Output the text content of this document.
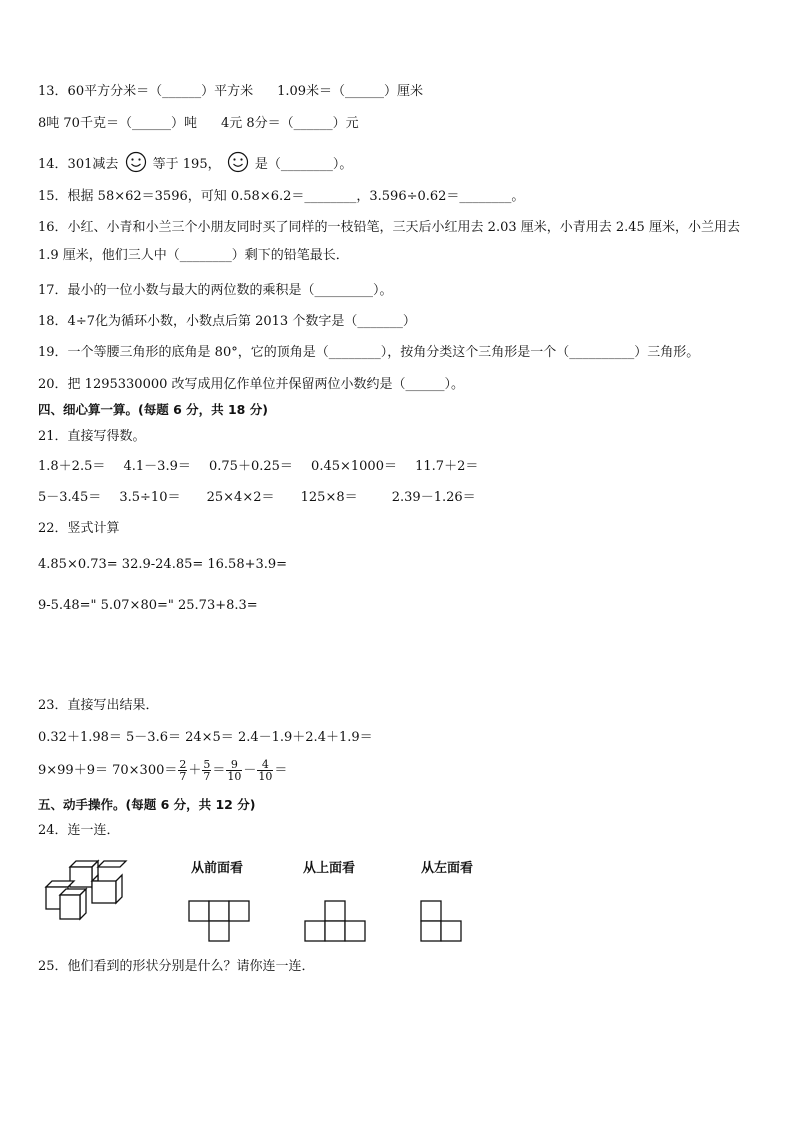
13．60平方分米＝（______）平方米 1.09米＝（______）厘米
8吨 70千克＝（______）吨 4元 8分＝（______）元
14．301减去	等于 195，	是（________）。
15．根据 58×62＝3596，可知 0.58×6.2＝________，3.596÷0.62＝________。
16．小红、小青和小兰三个小朋友同时买了同样的一枝铅笔，三天后小红用去 2.03 厘米，小青用去 2.45 厘米，小兰用去 1.9 厘米，他们三人中（________）剩下的铅笔最长．
17．最小的一位小数与最大的两位数的乘积是（_________）。
18．4÷7化为循环小数，小数点后第 2013 个数字是（_______）
19．一个等腰三角形的底角是 80°，它的顶角是（________），按角分类这个三角形是一个（__________）三角形。
20．把 1295330000 改写成用亿作单位并保留两位小数约是（______）。
四、细心算一算。(每题 6 分，共 18 分)
21．直接写得数。
1.8＋2.5＝ 4.1－3.9＝ 0.75＋0.25＝ 0.45×1000＝ 11.7＋2＝
5－3.45＝ 3.5÷10＝ 25×4×2＝ 125×8＝	2.39－1.26＝
22．竖式计算
4.85×0.73= 32.9-24.85= 16.58+3.9=
9-5.48=" 5.07×80=" 25.73+8.3=
23．直接写出结果．
0.32＋1.98＝ 5－3.6＝ 24×5＝ 2.4－1.9＋2.4＋1.9＝
$9\times 99+9= 70\times 300= \frac{2}{7} + \frac{5}{7} = \frac{9}{10} - \frac{4}{10}$ ＝
五、动手操作。(每题 6 分，共 12 分)
24．连一连．
从前面看	从上面看	从左面看
25．他们看到的形状分别是什么？请你连一连．
